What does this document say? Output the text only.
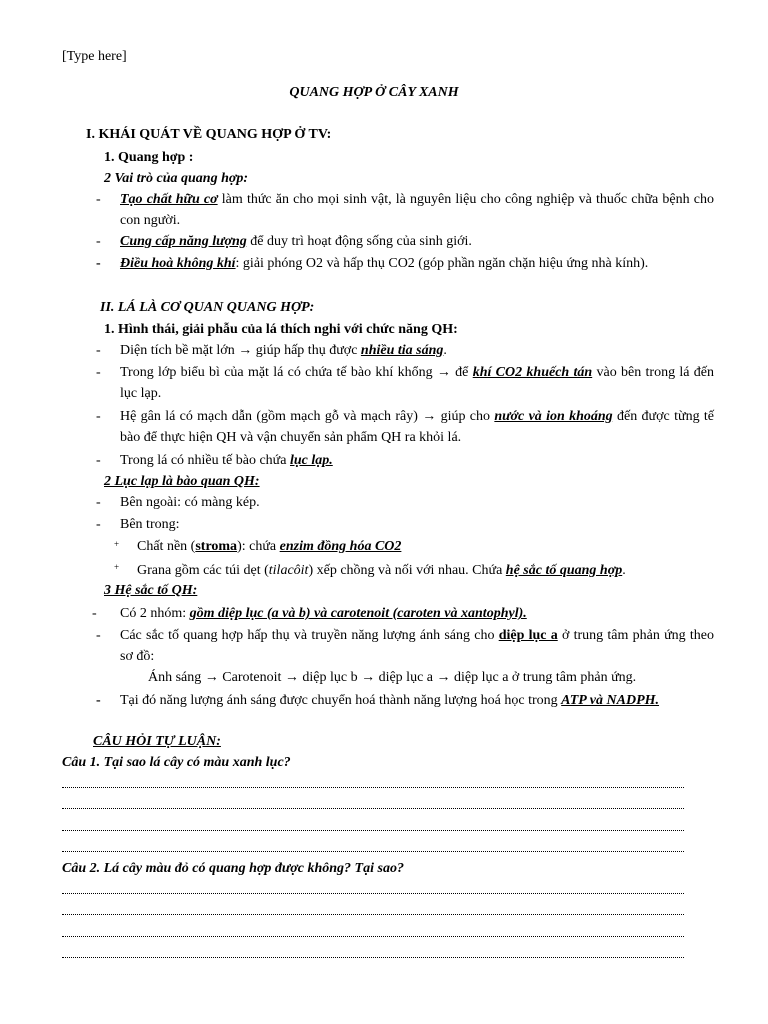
[Type here]
QUANG HỢP Ở CÂY XANH
I. KHÁI QUÁT VỀ QUANG HỢP Ở TV:
1. Quang hợp :
2 Vai trò của quang hợp:
- Tạo chất hữu cơ làm thức ăn cho mọi sinh vật, là nguyên liệu cho công nghiệp và thuốc chữa bệnh cho con người.
- Cung cấp năng lượng để duy trì hoạt động sống của sinh giới.
- Điều hoà không khí: giải phóng O2 và hấp thụ CO2 (góp phần ngăn chặn hiệu ứng nhà kính).
II. LÁ LÀ CƠ QUAN QUANG HỢP:
1. Hình thái, giải phẫu của lá thích nghi với chức năng QH:
- Diện tích bề mặt lớn → giúp hấp thụ được nhiều tia sáng.
- Trong lớp biểu bì của mặt lá có chứa tế bào khí khổng → để khí CO2 khuếch tán vào bên trong lá đến lục lạp.
- Hệ gân lá có mạch dẫn (gồm mạch gỗ và mạch rây) → giúp cho nước và ion khoáng đến được từng tế bào để thực hiện QH và vận chuyển sản phẩm QH ra khỏi lá.
- Trong lá có nhiều tế bào chứa lục lạp.
2 Lục lạp là bào quan QH:
- Bên ngoài: có màng kép.
- Bên trong:
+ Chất nền (stroma): chứa enzim đồng hóa CO2
+ Grana gồm các túi dẹt (tilacôit) xếp chồng và nối với nhau. Chứa hệ sắc tố quang hợp.
3 Hệ sắc tố QH:
- Có 2 nhóm: gồm diệp lục (a và b) và carotenoit (caroten và xantophyl).
- Các sắc tố quang hợp hấp thụ và truyền năng lượng ánh sáng cho diệp lục a ở trung tâm phản ứng theo sơ đồ:
Ánh sáng → Carotenoit → diệp lục b → diệp lục a → diệp lục a ở trung tâm phản ứng.
- Tại đó năng lượng ánh sáng được chuyển hoá thành năng lượng hoá học trong ATP và NADPH.
CÂU HỎI TỰ LUẬN:
Câu 1. Tại sao lá cây có màu xanh lục?
Câu 2. Lá cây màu đỏ có quang hợp được không? Tại sao?
